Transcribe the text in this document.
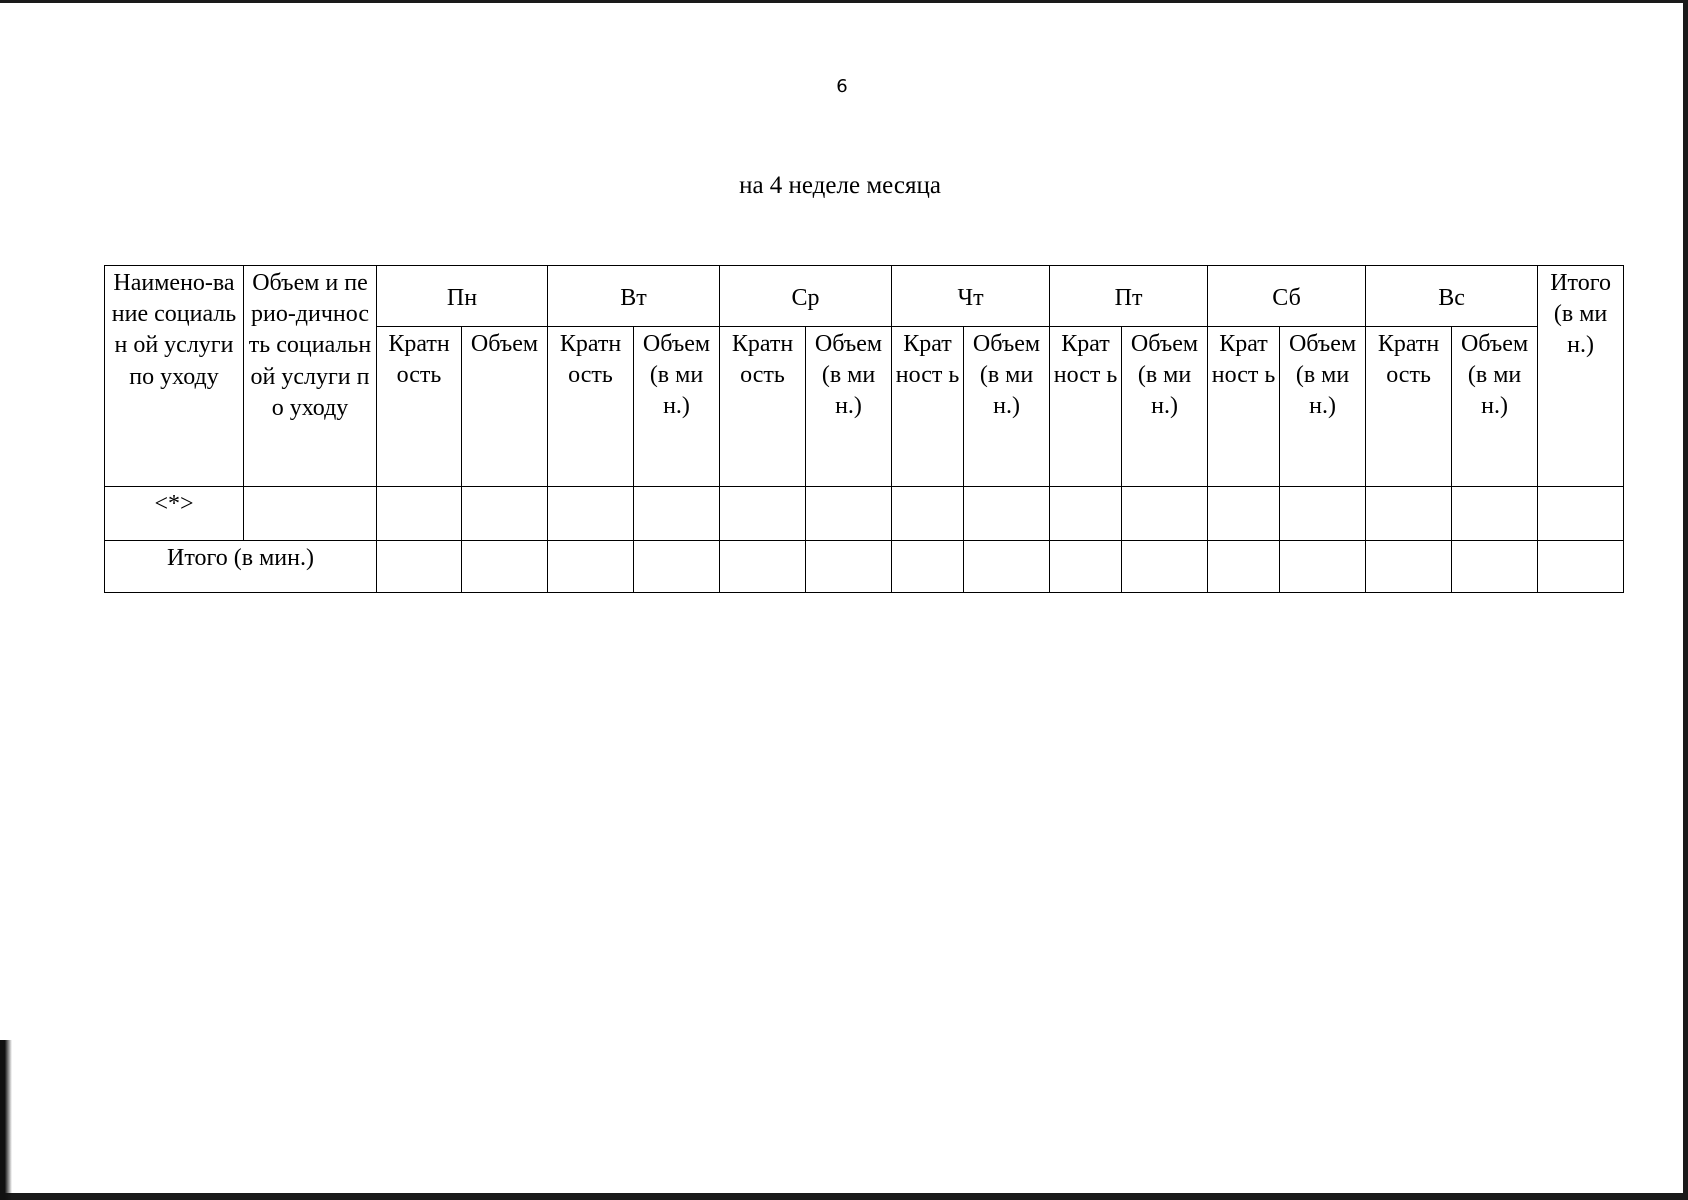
6
на 4 неделе месяца
Наимено-вание социальн ой услуги по уходу	Объем и перио-дичность социальн ой услуги по уходу	Пн		Вт		Ср		Чт		Пт		Сб		Вс		Итого (в мин.)
		Кратн ость	Объем	Кратн ость	Объем (в мин.)	Кратн ость	Объем (в мин.)	Крат ност ь	Объем (в мин.)	Крат ност ь	Объем (в мин.)	Крат ност ь	Объем (в мин.)	Кратн ость	Объем (в мин.)	
<*>																
Итого (в мин.)																
